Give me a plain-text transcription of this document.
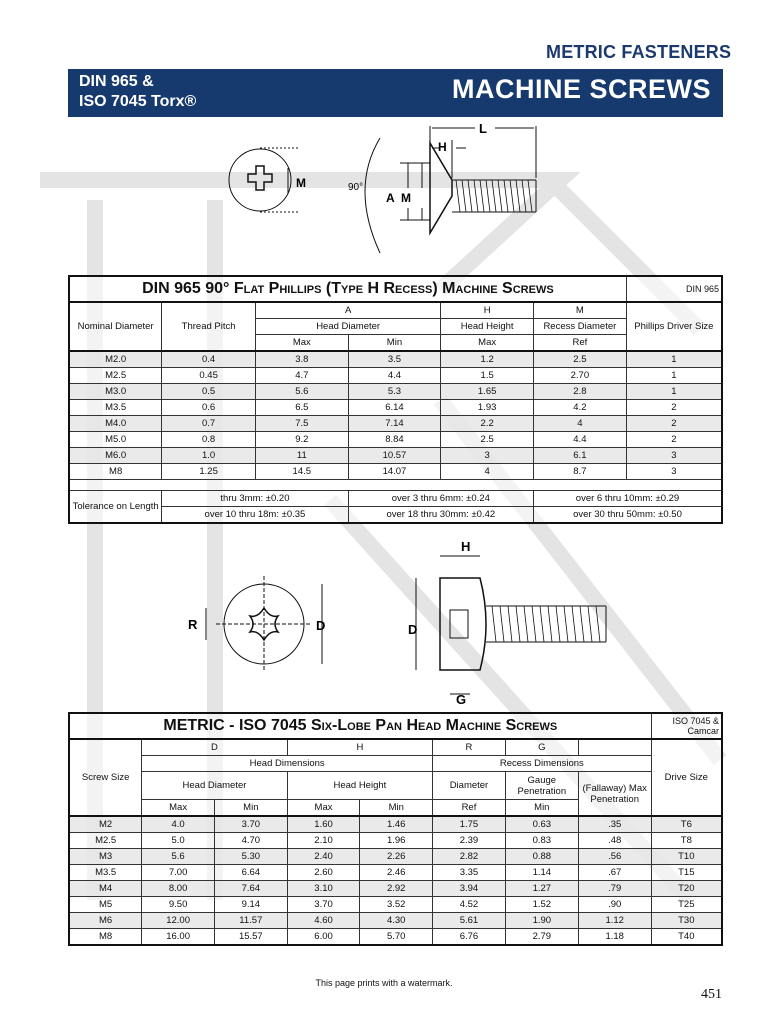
METRIC FASTENERS
DIN 965 &
ISO 7045 Torx®	MACHINE SCREWS
M
L
H
90°
A M
DIN 965 90° Flat Phillips (Type H Recess) Machine Screws						DIN 965
Nominal Diameter	Thread Pitch	A		H	M	Phillips Driver Size
		Head Diameter		Head Height	Recess Diameter	
		Max	Min	Max	Ref	
M2.0	0.4	3.8	3.5	1.2	2.5	1
M2.5	0.45	4.7	4.4	1.5	2.70	1
M3.0	0.5	5.6	5.3	1.65	2.8	1
M3.5	0.6	6.5	6.14	1.93	4.2	2
M4.0	0.7	7.5	7.14	2.2	4	2
M5.0	0.8	9.2	8.84	2.5	4.4	2
M6.0	1.0	11	10.57	3	6.1	3
M8	1.25	14.5	14.07	4	8.7	3

Tolerance on Length	thru 3mm: ±0.20		over 3 thru 6mm: ±0.24		over 6 thru 10mm: ±0.29	
	over 10 thru 18m: ±0.35		over 18 thru 30mm: ±0.42		over 30 thru 50mm: ±0.50	
R	D
H
D
G
METRIC - ISO 7045 Six-Lobe Pan Head Machine Screws								ISO 7045 & Camcar
Screw Size	D		H		R	G		Drive Size
	Head Dimensions				Recess Dimensions			
	Head Diameter		Head Height		Diameter	Gauge Penetration	(Fallaway) Max Penetration	
	Max	Min	Max	Min	Ref	Min		
M2	4.0	3.70	1.60	1.46	1.75	0.63	.35	T6
M2.5	5.0	4.70	2.10	1.96	2.39	0.83	.48	T8
M3	5.6	5.30	2.40	2.26	2.82	0.88	.56	T10
M3.5	7.00	6.64	2.60	2.46	3.35	1.14	.67	T15
M4	8.00	7.64	3.10	2.92	3.94	1.27	.79	T20
M5	9.50	9.14	3.70	3.52	4.52	1.52	.90	T25
M6	12.00	11.57	4.60	4.30	5.61	1.90	1.12	T30
M8	16.00	15.57	6.00	5.70	6.76	2.79	1.18	T40
This page prints with a watermark.
451
